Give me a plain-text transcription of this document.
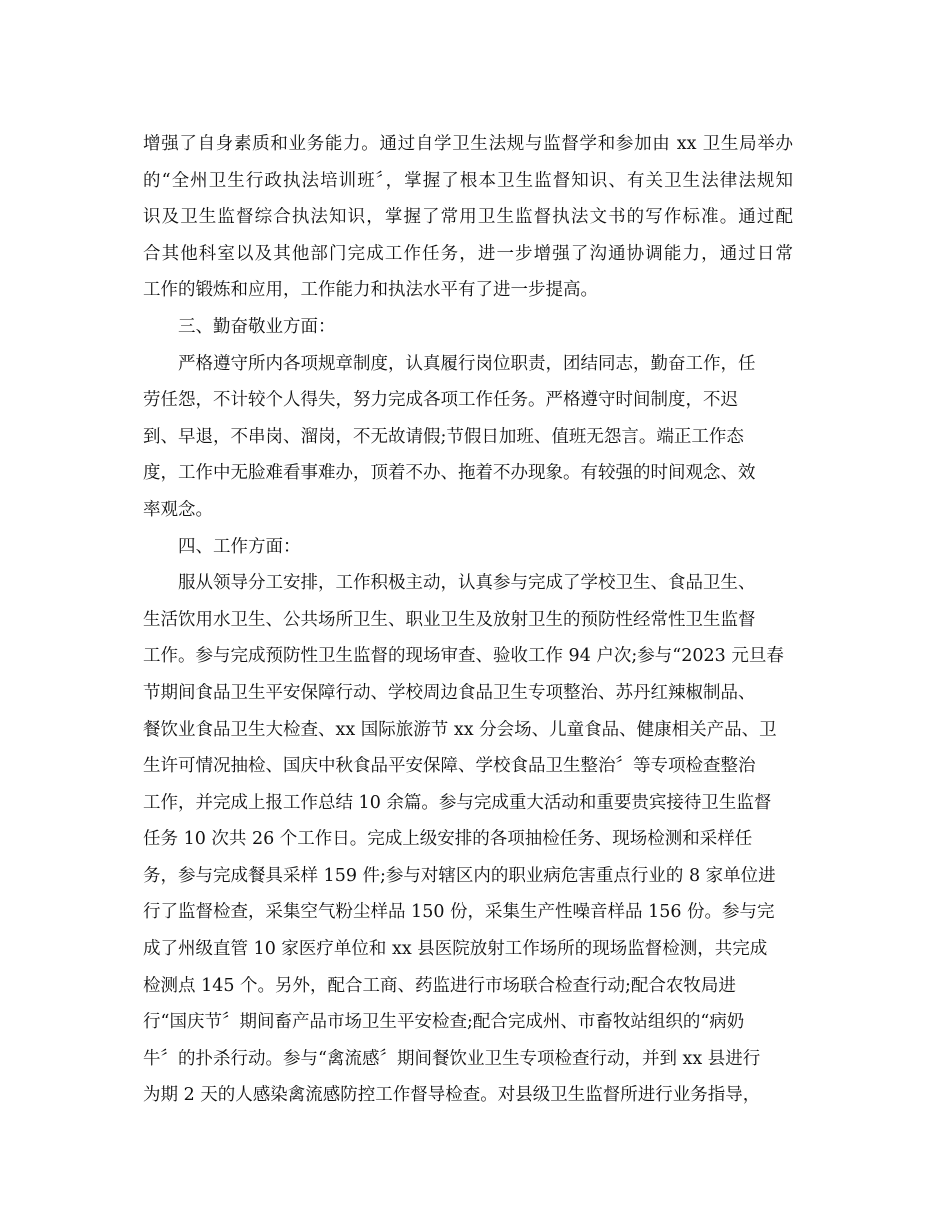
增强了自身素质和业务能力。通过自学卫生法规与监督学和参加由 xx 卫生局举办
的“全州卫生行政执法培训班〞，掌握了根本卫生监督知识、有关卫生法律法规知
识及卫生监督综合执法知识，掌握了常用卫生监督执法文书的写作标准。通过配
合其他科室以及其他部门完成工作任务，进一步增强了沟通协调能力，通过日常
工作的锻炼和应用，工作能力和执法水平有了进一步提高。
三、勤奋敬业方面：
严格遵守所内各项规章制度，认真履行岗位职责，团结同志，勤奋工作，任
劳任怨，不计较个人得失，努力完成各项工作任务。严格遵守时间制度，不迟
到、早退，不串岗、溜岗，不无故请假;节假日加班、值班无怨言。端正工作态
度，工作中无脸难看事难办，顶着不办、拖着不办现象。有较强的时间观念、效
率观念。
四、工作方面：
服从领导分工安排，工作积极主动，认真参与完成了学校卫生、食品卫生、
生活饮用水卫生、公共场所卫生、职业卫生及放射卫生的预防性经常性卫生监督
工作。参与完成预防性卫生监督的现场审查、验收工作 94 户次;参与“2023 元旦春
节期间食品卫生平安保障行动、学校周边食品卫生专项整治、苏丹红辣椒制品、
餐饮业食品卫生大检查、xx 国际旅游节 xx 分会场、儿童食品、健康相关产品、卫
生许可情况抽检、国庆中秋食品平安保障、学校食品卫生整治〞等专项检查整治
工作，并完成上报工作总结 10 余篇。参与完成重大活动和重要贵宾接待卫生监督
任务 10 次共 26 个工作日。完成上级安排的各项抽检任务、现场检测和采样任
务，参与完成餐具采样 159 件;参与对辖区内的职业病危害重点行业的 8 家单位进
行了监督检查，采集空气粉尘样品 150 份，采集生产性噪音样品 156 份。参与完
成了州级直管 10 家医疗单位和 xx 县医院放射工作场所的现场监督检测，共完成
检测点 145 个。另外，配合工商、药监进行市场联合检查行动;配合农牧局进
行“国庆节〞期间畜产品市场卫生平安检查;配合完成州、市畜牧站组织的“病奶
牛〞的扑杀行动。参与“禽流感〞期间餐饮业卫生专项检查行动，并到 xx 县进行
为期 2 天的人感染禽流感防控工作督导检查。对县级卫生监督所进行业务指导，
